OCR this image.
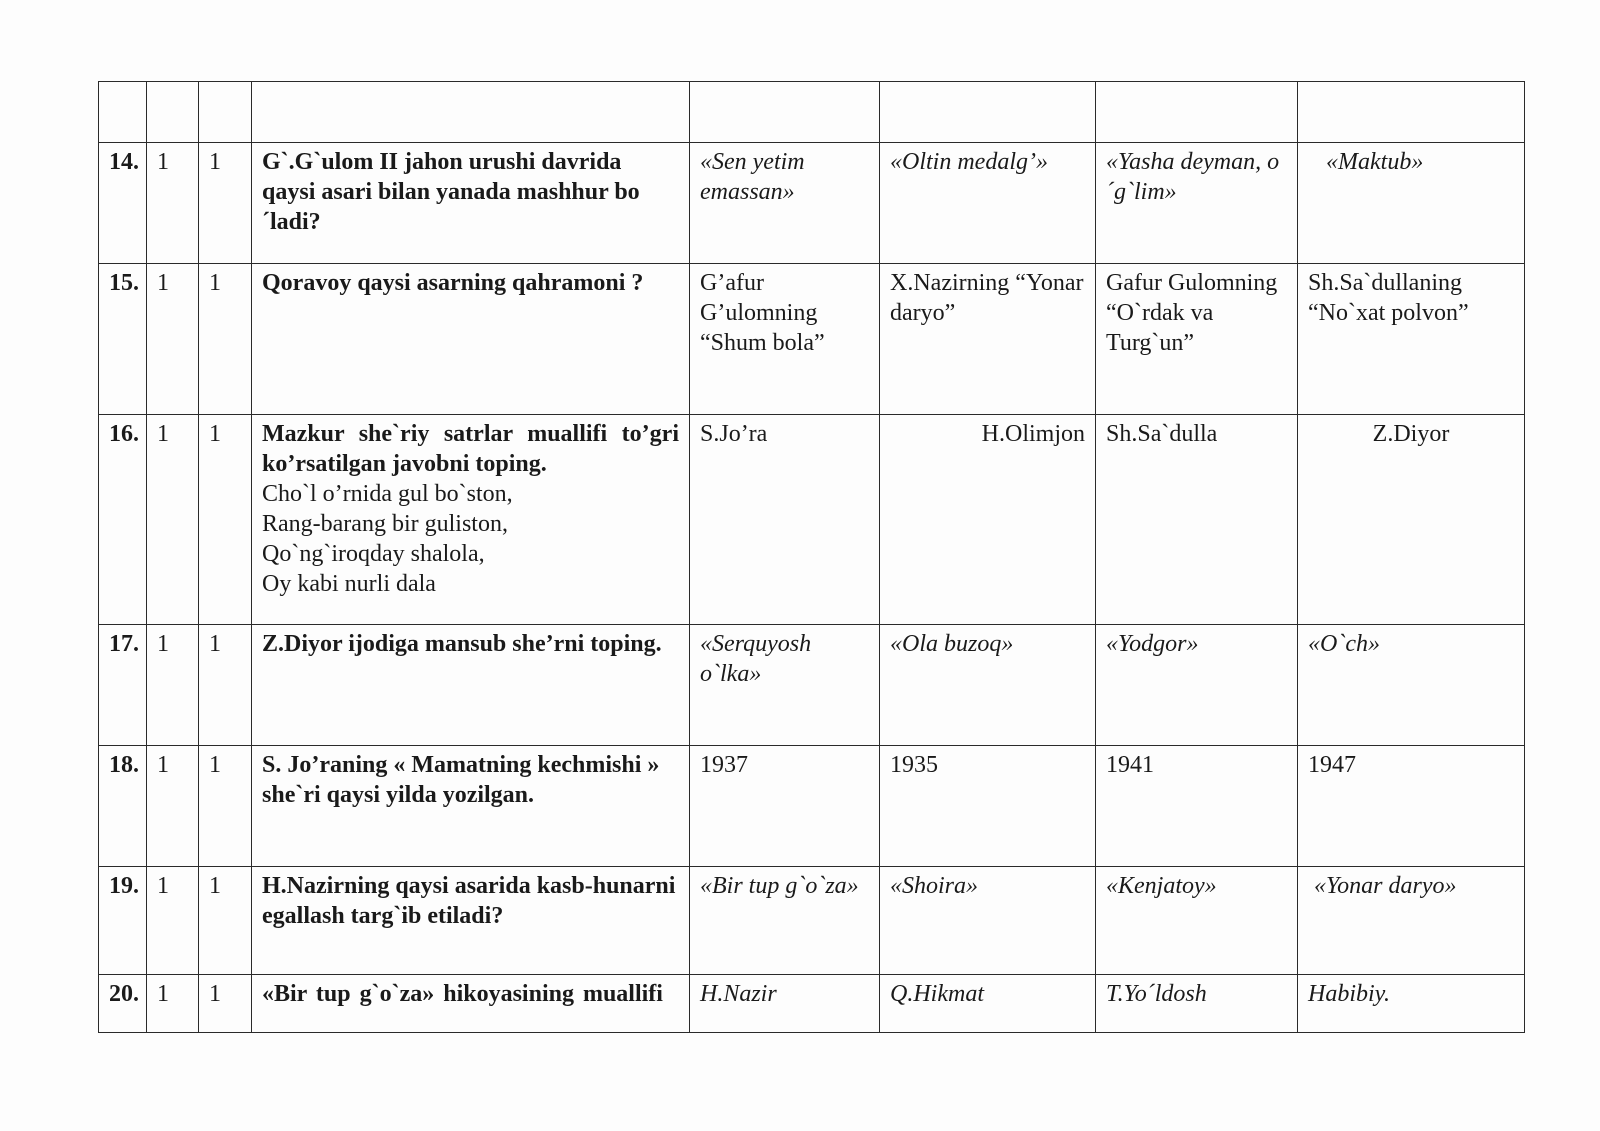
14.	1	1	G`.G`ulom II jahon urushi davrida qaysi asari bilan yanada mashhur bo ´ladi?	«Sen yetim emassan»	«Oltin medalg’»	«Yasha deyman, o´g`lim»	«Maktub»
15.	1	1	Qoravoy qaysi asarning qahramoni ?	G’afur G’ulomning “Shum bola”	X.Nazirning “Yonar daryo”	Gafur Gulomning “O`rdak va Turg`un”	Sh.Sa`dullaning “No`xat polvon”
16.	1	1	Mazkur she`riy satrlar muallifi to’gri ko’rsatilgan javobni toping.
Cho`l o’rnida gul bo`ston,
Rang-barang bir guliston,
Qo`ng`iroqday shalola,
Oy kabi nurli dala	S.Jo’ra	H.Olimjon	Sh.Sa`dulla	Z.Diyor
17.	1	1	Z.Diyor ijodiga mansub she’rni toping.	«Serquyosh o`lka»	«Ola buzoq»	«Yodgor»	«O`ch»
18.	1	1	S. Jo’raning « Mamatning kechmishi » she`ri qaysi yilda yozilgan.	1937	1935	1941	1947
19.	1	1	H.Nazirning qaysi asarida kasb-hunarni egallash targ`ib etiladi?	«Bir tup g`o`za»	«Shoira»	«Kenjatoy»	«Yonar daryo»
20.	1	1	«Bir tup g`o`za» hikoyasining muallifi	H.Nazir	Q.Hikmat	T.Yo´ldosh	Habibiy.
